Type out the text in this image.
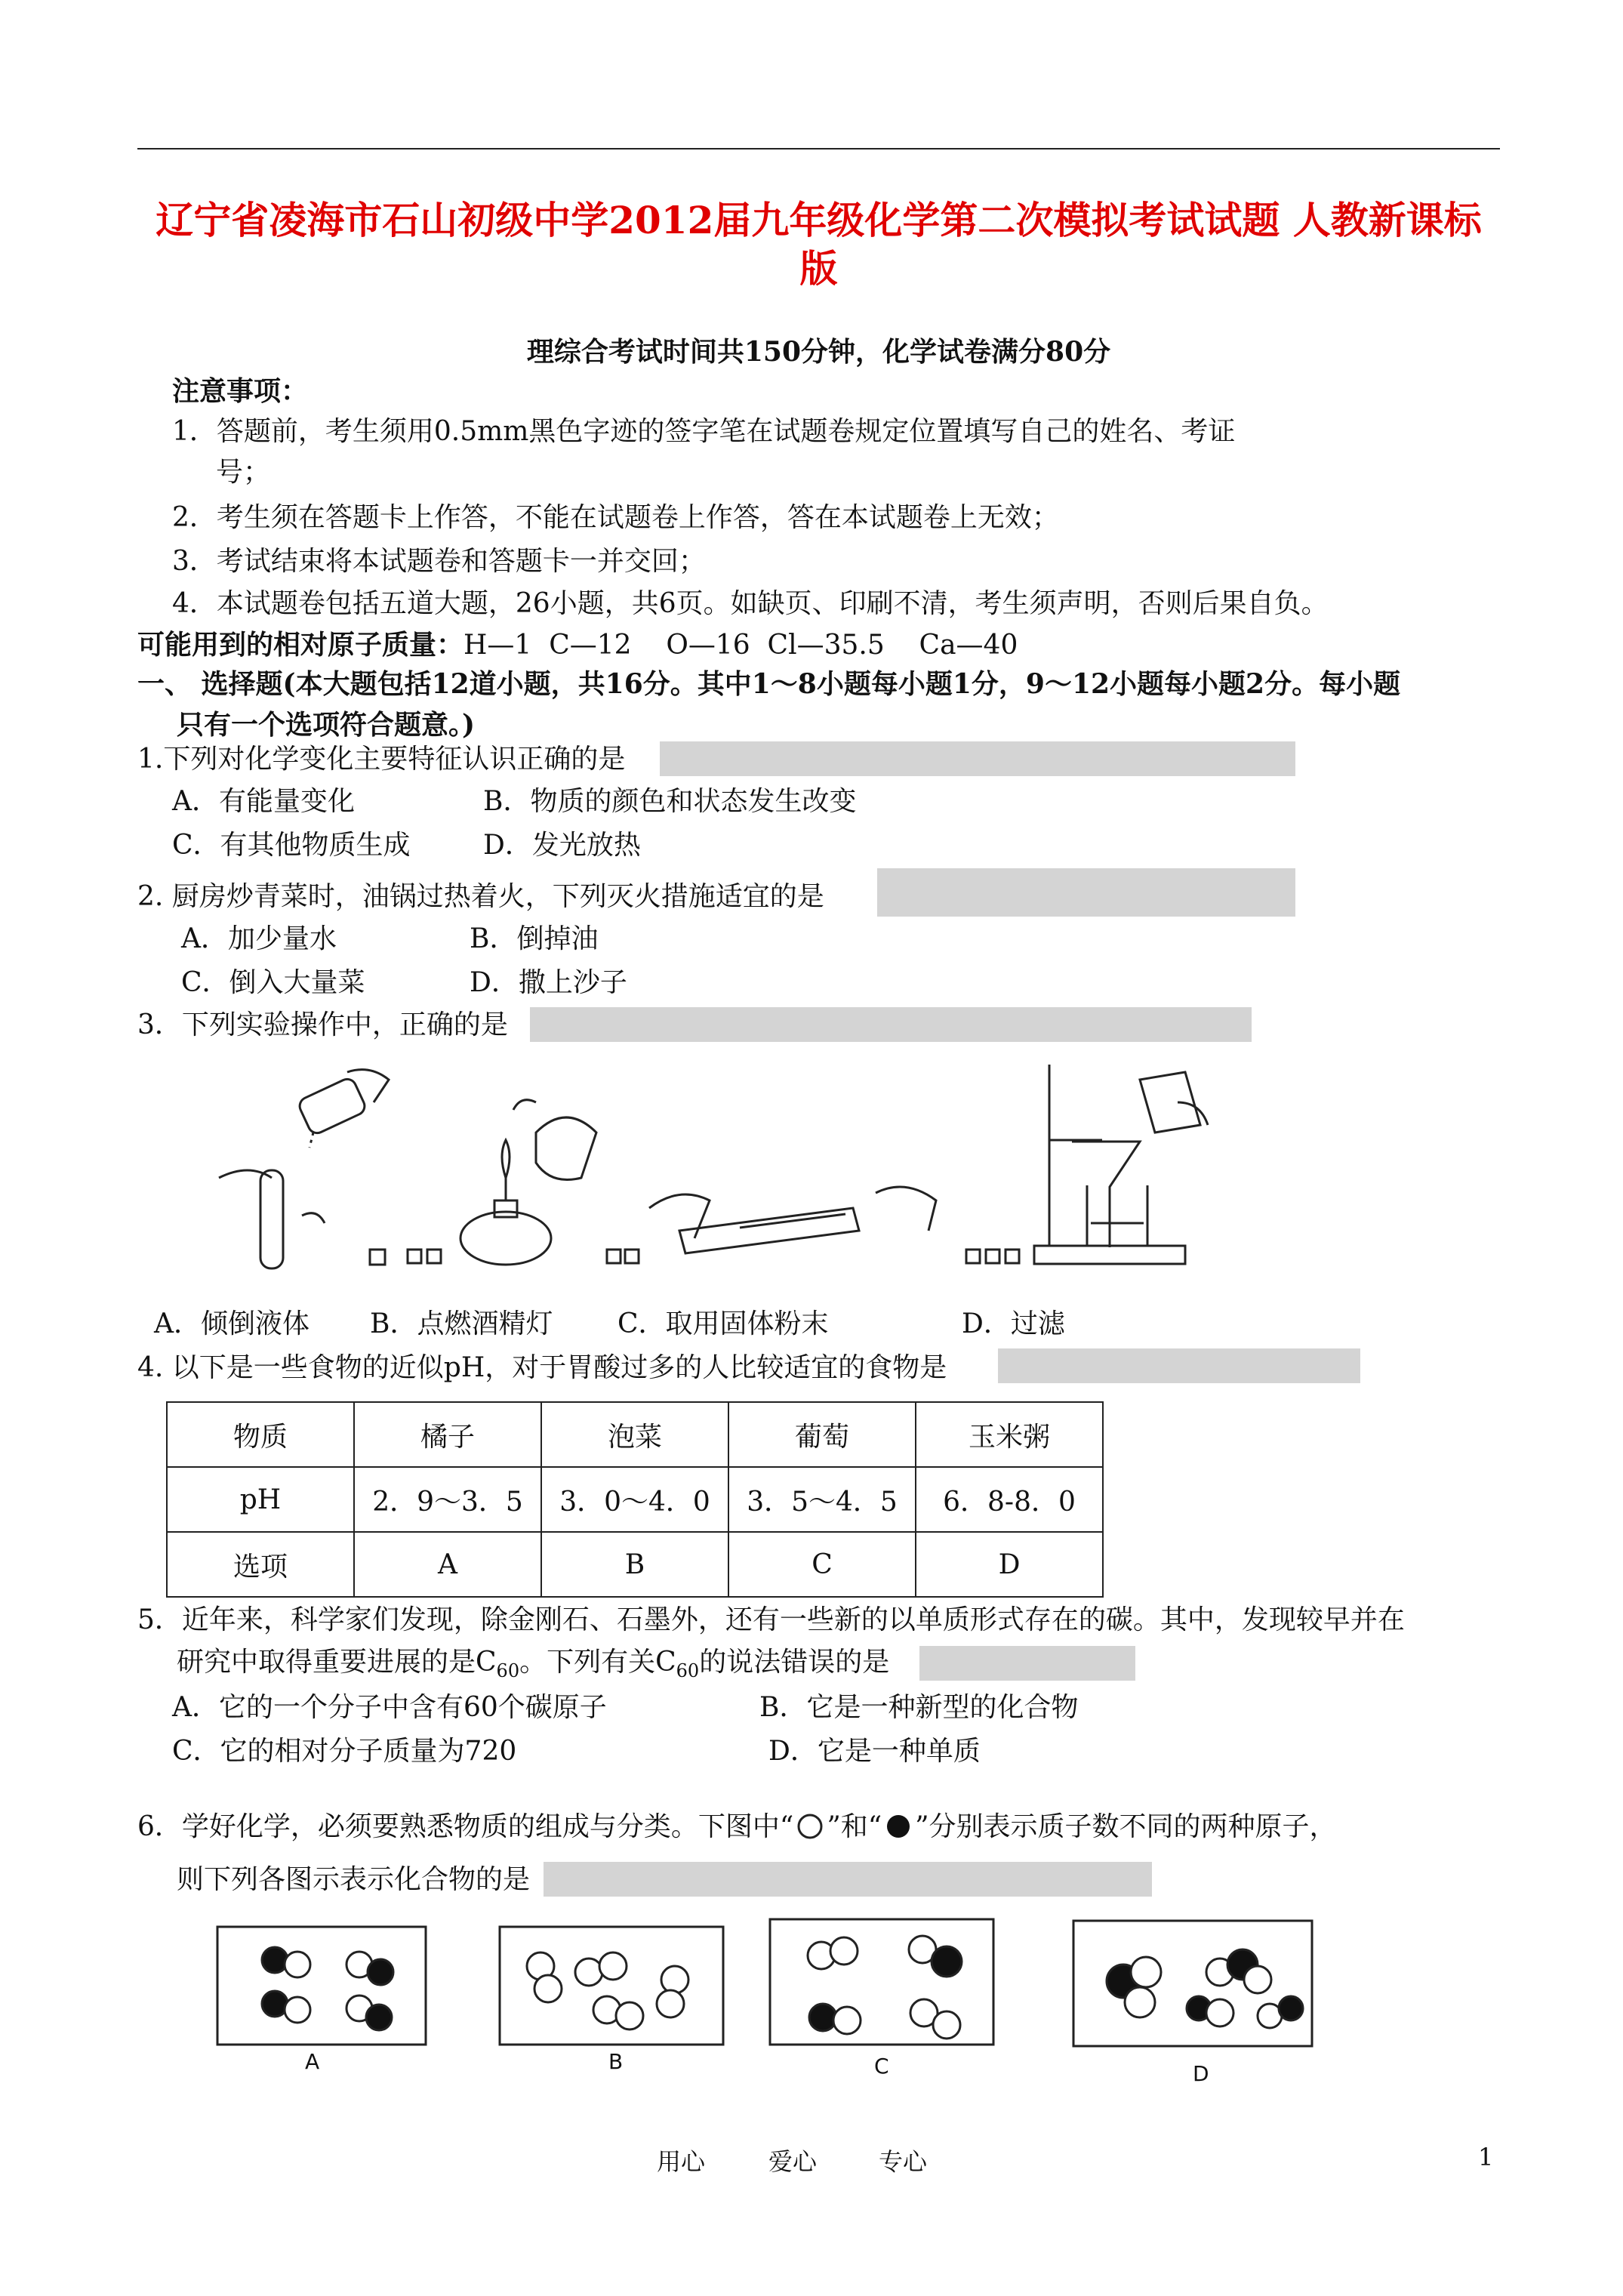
辽宁省凌海市石山初级中学2012届九年级化学第二次模拟考试试题 人教新课标
版
理综合考试时间共150分钟，化学试卷满分80分
注意事项：
1．答题前，考生须用0.5mm黑色字迹的签字笔在试题卷规定位置填写自己的姓名、考证
号；
2．考生须在答题卡上作答，不能在试题卷上作答，答在本试题卷上无效；
3．考试结束将本试题卷和答题卡一并交回；
4．本试题卷包括五道大题，26小题，共6页。如缺页、印刷不清，考生须声明，否则后果自负。
可能用到的相对原子质量：H—1  C—12    O—16  Cl—35.5    Ca—40
一、 选择题(本大题包括12道小题，共16分。其中1～8小题每小题1分，9～12小题每小题2分。每小题
只有一个选项符合题意。)
1.下列对化学变化主要特征认识正确的是
A．有能量变化	B．物质的颜色和状态发生改变
C．有其他物质生成	D．发光放热
2. 厨房炒青菜时，油锅过热着火，下列灭火措施适宜的是
A．加少量水	B．倒掉油
C．倒入大量菜	D．撒上沙子
3．下列实验操作中，正确的是
A．倾倒液体 B．点燃酒精灯 C．取用固体粉末	D．过滤
4. 以下是一些食物的近似pH，对于胃酸过多的人比较适宜的食物是
物质	橘子	泡菜	葡萄	玉米粥
pH	2．9～3．5	3．0～4．0	3．5～4．5	6．8-8．0
选项	A	B	C	D
5．近年来，科学家们发现，除金刚石、石墨外，还有一些新的以单质形式存在的碳。其中，发现较早并在
研究中取得重要进展的是$C_{60}$。下列有关$C_{60}$的说法错误的是
A．它的一个分子中含有60个碳原子	B．它是一种新型的化合物
C．它的相对分子质量为720	D．它是一种单质
6．学好化学，必须要熟悉物质的组成与分类。下图中“ ”和“ ”分别表示质子数不同的两种原子，
则下列各图示表示化合物的是
A	B	C	D
用心	爱心	专心	1
